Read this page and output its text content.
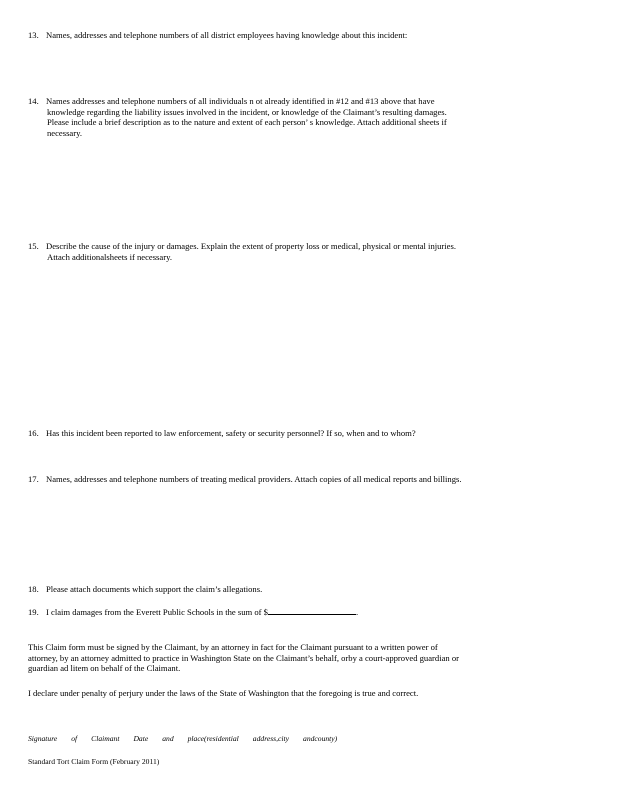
13. Names, addresses and telephone numbers of all district employees having knowledge about this incident:
14. Names addresses and telephone numbers of all individuals n ot already identified in #12 and #13 above that have
knowledge regarding the liability issues involved in the incident, or knowledge of the Claimant’s resulting damages.
Please include a brief description as to the nature and extent of each person’ s knowledge. Attach additional sheets if
necessary.
15. Describe the cause of the injury or damages. Explain the extent of property loss or medical, physical or mental injuries.
Attach additionalsheets if necessary.
16. Has this incident been reported to law enforcement, safety or security personnel? If so, when and to whom?
17. Names, addresses and telephone numbers of treating medical providers. Attach copies of all medical reports and billings.
18. Please attach documents which support the claim’s allegations.
19. I claim damages from the Everett Public Schools in the sum of $	.
This Claim form must be signed by the Claimant, by an attorney in fact for the Claimant pursuant to a written power of
attorney, by an attorney admitted to practice in Washington State on the Claimant’s behalf, orby a court-approved guardian or
guardian ad litem on behalf of the Claimant.
I declare under penalty of perjury under the laws of the State of Washington that the foregoing is true and correct.
Signature of Claimant Date and place(residential address,city andcounty)
Standard Tort Claim Form (February 2011)
